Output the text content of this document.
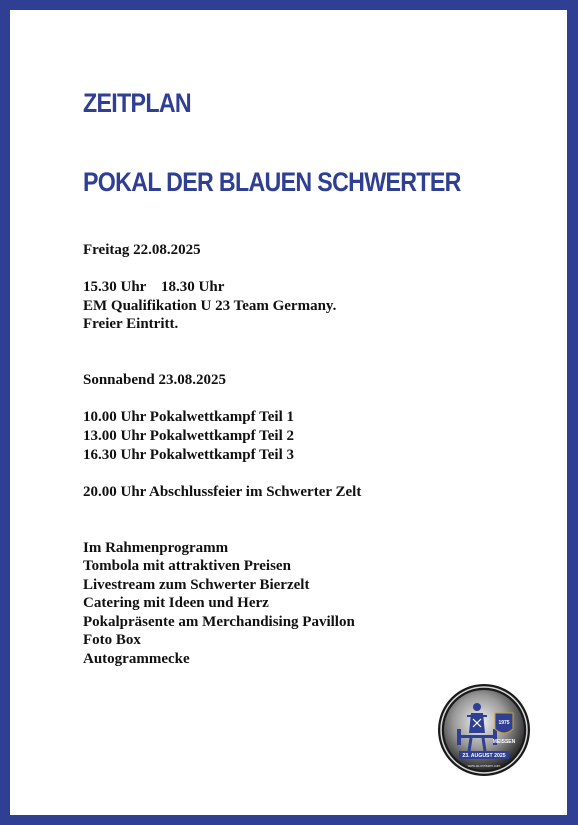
ZEITPLAN
POKAL DER BLAUEN SCHWERTER
Freitag 22.08.2025
15.30 Uhr    18.30 Uhr
EM Qualifikation U 23 Team Germany.
Freier Eintritt.
Sonnabend 23.08.2025
10.00 Uhr Pokalwettkampf Teil 1
13.00 Uhr Pokalwettkampf Teil 2
16.30 Uhr Pokalwettkampf Teil 3
20.00 Uhr Abschlussfeier im Schwerter Zelt
Im Rahmenprogramm
Tombola mit attraktiven Preisen
Livestream zum Schwerter Bierzelt
Catering mit Ideen und Herz
Pokalpräsente am Merchandising Pavillon
Foto Box
Autogrammecke
1975
MEISSEN
23. AUGUST 2025
www.ac-meissen.com
